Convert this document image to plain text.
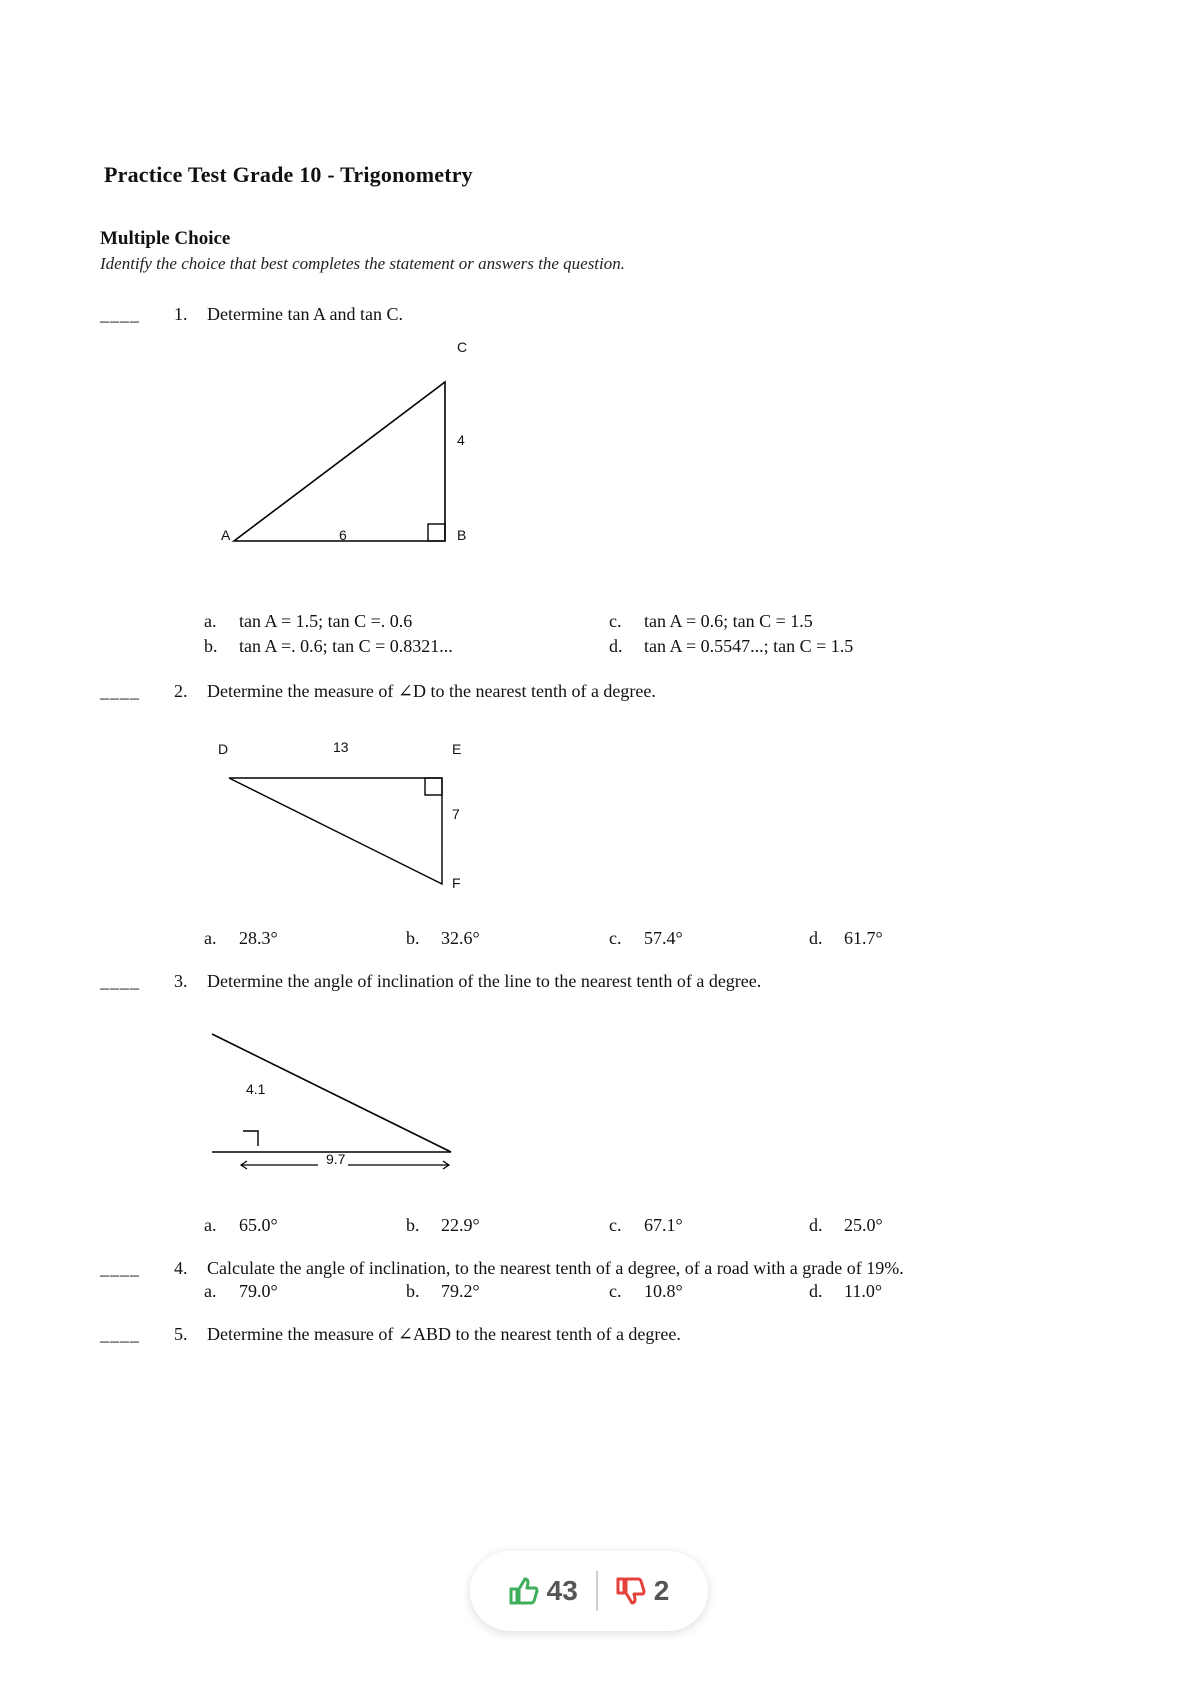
Practice Test Grade 10 - Trigonometry
Multiple Choice
Identify the choice that best completes the statement or answers the question.
____ 1. Determine tan A and tan C.
C
4
A	6	B
a. tan A = 1.5; tan C =. 0.6
b. tan A =. 0.6; tan C = 0.8321...
c. tan A = 0.6; tan C = 1.5
d. tan A = 0.5547...; tan C = 1.5
____ 2. Determine the measure of ∠D to the nearest tenth of a degree.
D	13	E
7
F
a. 28.3°	b. 32.6°	c. 57.4°	d. 61.7°
____ 3. Determine the angle of inclination of the line to the nearest tenth of a degree.
4.1
9.7
a. 65.0°	b. 22.9°	c. 67.1°	d. 25.0°
____ 4. Calculate the angle of inclination, to the nearest tenth of a degree, of a road with a grade of 19%.
a. 79.0°	b. 79.2°	c. 10.8°	d. 11.0°
____ 5. Determine the measure of ∠ABD to the nearest tenth of a degree.
43	2
